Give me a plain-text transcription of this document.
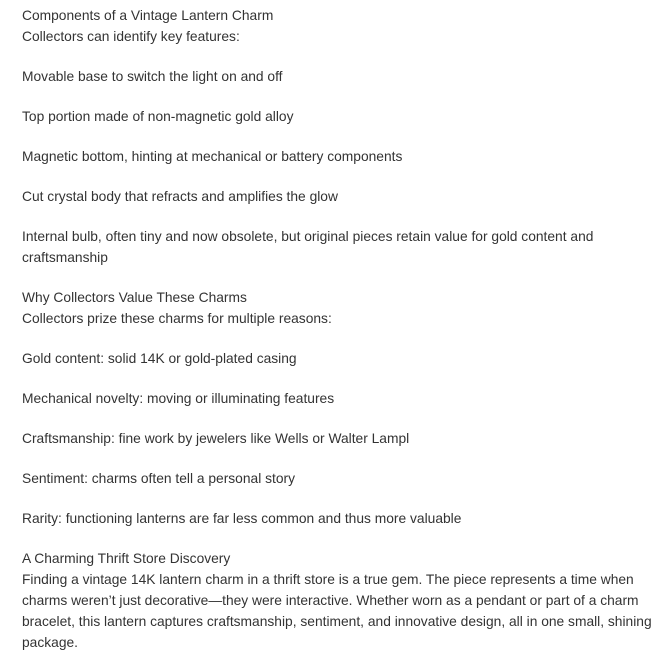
Components of a Vintage Lantern Charm
Collectors can identify key features:
Movable base to switch the light on and off
Top portion made of non-magnetic gold alloy
Magnetic bottom, hinting at mechanical or battery components
Cut crystal body that refracts and amplifies the glow
Internal bulb, often tiny and now obsolete, but original pieces retain value for gold content and
craftsmanship
Why Collectors Value These Charms
Collectors prize these charms for multiple reasons:
Gold content: solid 14K or gold-plated casing
Mechanical novelty: moving or illuminating features
Craftsmanship: fine work by jewelers like Wells or Walter Lampl
Sentiment: charms often tell a personal story
Rarity: functioning lanterns are far less common and thus more valuable
A Charming Thrift Store Discovery
Finding a vintage 14K lantern charm in a thrift store is a true gem. The piece represents a time when
charms weren’t just decorative—they were interactive. Whether worn as a pendant or part of a charm
bracelet, this lantern captures craftsmanship, sentiment, and innovative design, all in one small, shining
package.
